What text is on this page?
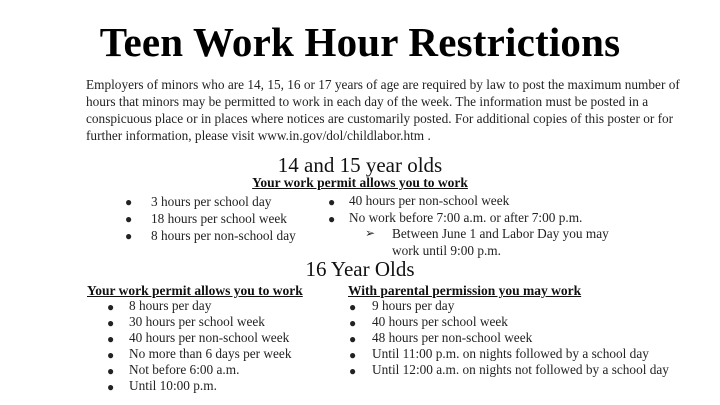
Teen Work Hour Restrictions
Employers of minors who are 14, 15, 16 or 17 years of age are required by law to post the maximum number of hours that minors may be permitted to work in each day of the week. The information must be posted in a conspicuous place or in places where notices are customarily posted. For additional copies of this poster or for further information, please visit www.in.gov/dol/childlabor.htm .
14 and 15 year olds
Your work permit allows you to work
● 3 hours per school day
● 18 hours per school week
● 8 hours per non-school day
● 40 hours per non-school week
● No work before 7:00 a.m. or after 7:00 p.m.
➢ Between June 1 and Labor Day you may work until 9:00 p.m.
16 Year Olds
Your work permit allows you to work
● 8 hours per day
● 30 hours per school week
● 40 hours per non-school week
● No more than 6 days per week
● Not before 6:00 a.m.
● Until 10:00 p.m.
With parental permission you may work
● 9 hours per day
● 40 hours per school week
● 48 hours per non-school week
● Until 11:00 p.m. on nights followed by a school day
● Until 12:00 a.m. on nights not followed by a school day
